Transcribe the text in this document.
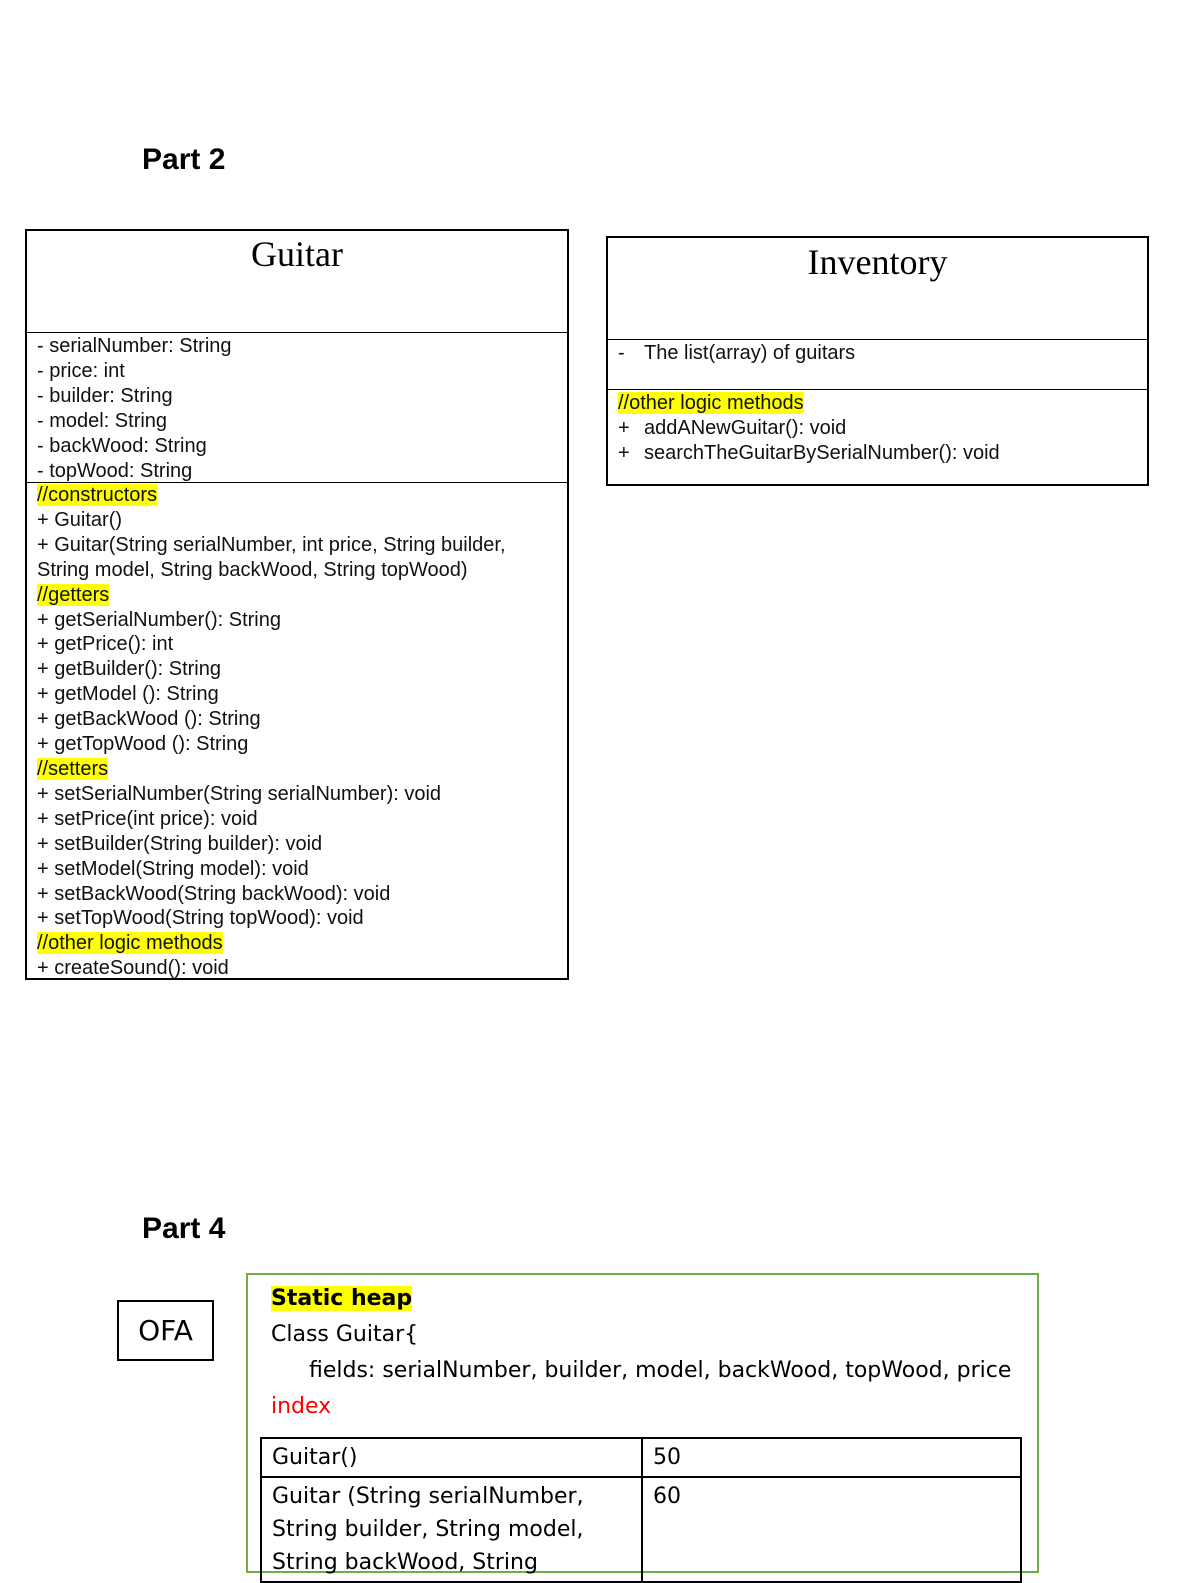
Part 2
Guitar
- serialNumber: String
- price: int
- builder: String
- model: String
- backWood: String
- topWood: String
//constructors
+ Guitar()
+ Guitar(String serialNumber, int price, String builder,
String model, String backWood, String topWood)
//getters
+ getSerialNumber(): String
+ getPrice(): int
+ getBuilder(): String
+ getModel (): String
+ getBackWood (): String
+ getTopWood (): String
//setters
+ setSerialNumber(String serialNumber): void
+ setPrice(int price): void
+ setBuilder(String builder): void
+ setModel(String model): void
+ setBackWood(String backWood): void
+ setTopWood(String topWood): void
//other logic methods
+ createSound(): void
Inventory
- The list(array) of guitars
//other logic methods
+ addANewGuitar(): void
+ searchTheGuitarBySerialNumber(): void
Part 4
OFA
Static heap
Class Guitar{
fields: serialNumber, builder, model, backWood, topWood, price
index
Guitar()	50
Guitar (String serialNumber, String builder, String model, String backWood, String	60
